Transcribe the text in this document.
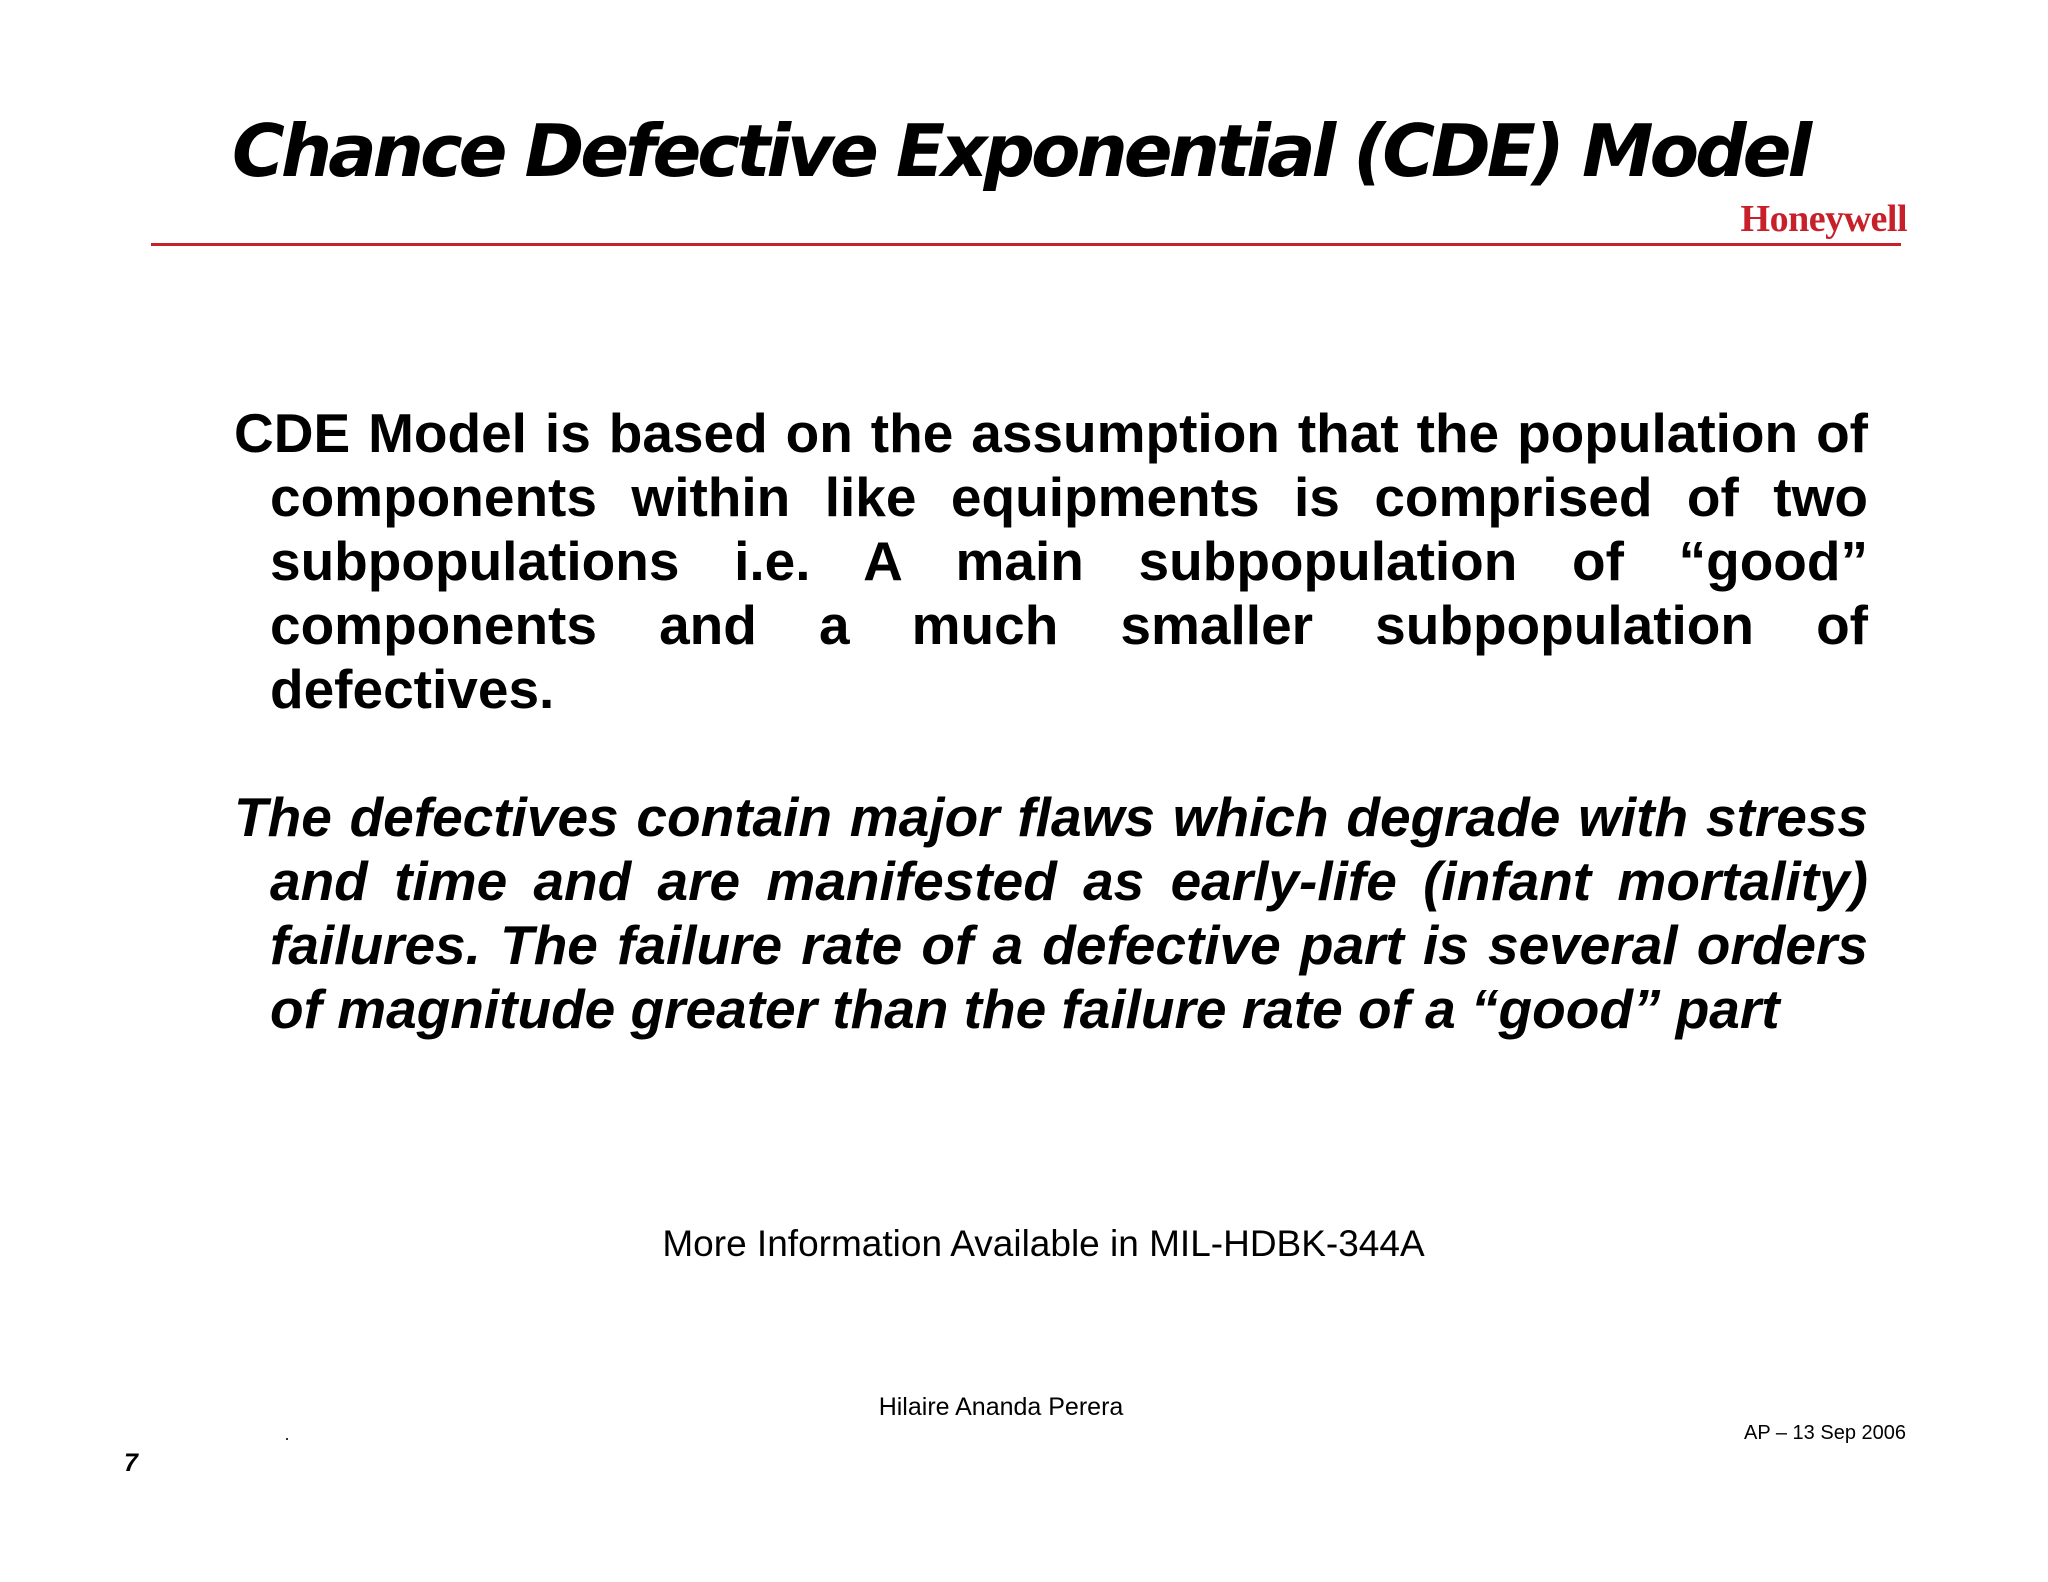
Chance Defective Exponential (CDE) Model
Honeywell

CDE Model is based on the assumption that the population of components within like equipments is comprised of two subpopulations i.e. A main subpopulation of “good” components and a much smaller subpopulation of defectives.

The defectives contain major flaws which degrade with stress and time and are manifested as early-life (infant mortality) failures. The failure rate of a defective part is several orders of magnitude greater than the failure rate of a “good” part

More Information Available in MIL-HDBK-344A
Hilaire Ananda Perera
AP – 13 Sep 2006
7
